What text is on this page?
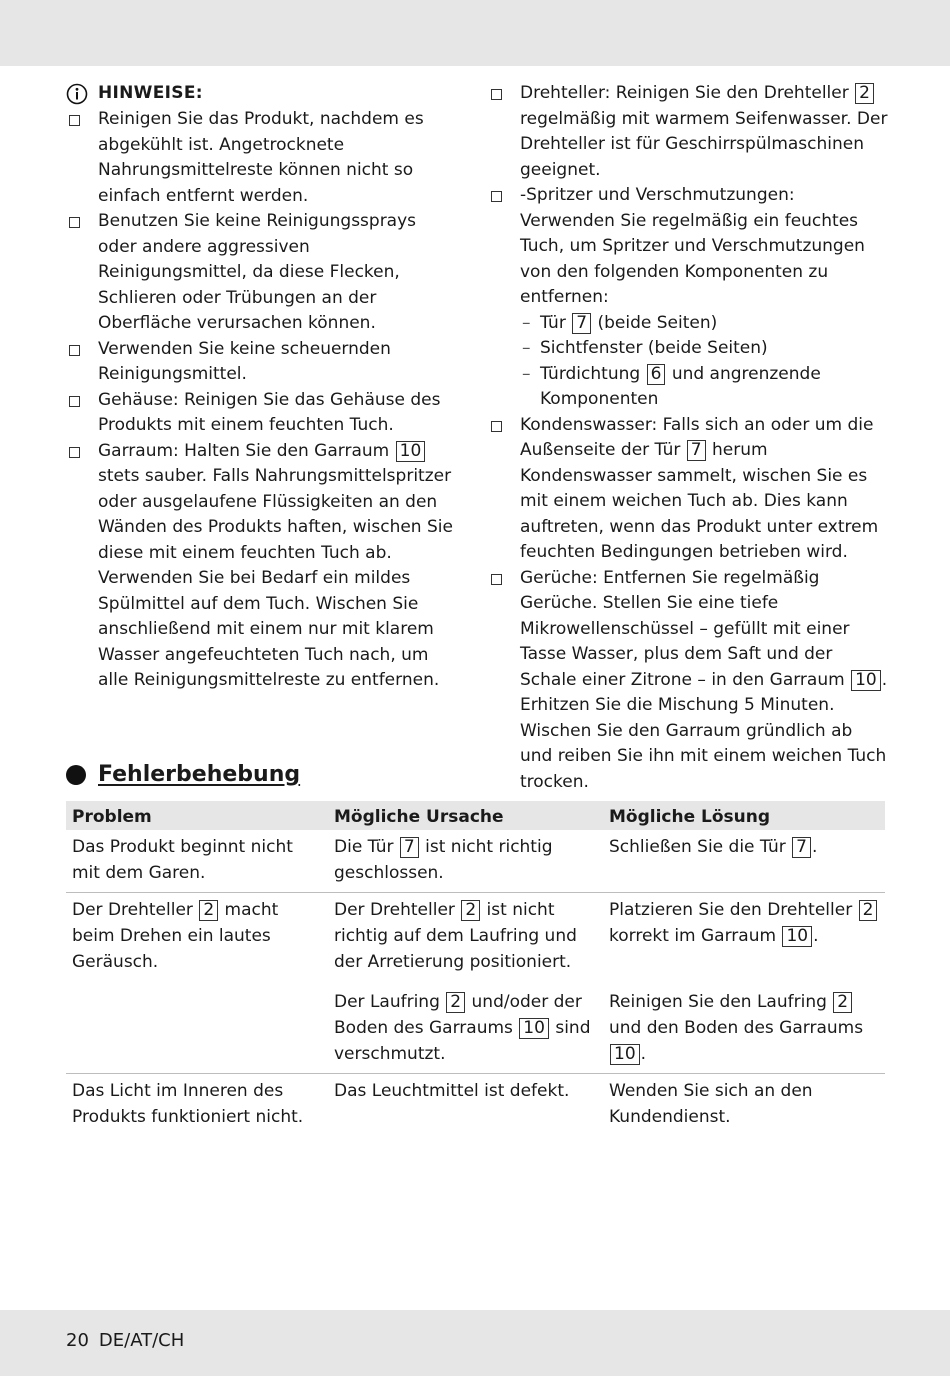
HINWEISE:
Reinigen Sie das Produkt, nachdem es abgekühlt ist. Angetrocknete Nahrungsmittelreste können nicht so einfach entfernt werden.
Benutzen Sie keine Reinigungssprays oder andere aggressiven Reinigungsmittel, da diese Flecken, Schlieren oder Trübungen an der Oberfläche verursachen können.
Verwenden Sie keine scheuernden Reinigungsmittel.
Gehäuse: Reinigen Sie das Gehäuse des Produkts mit einem feuchten Tuch.
Garraum: Halten Sie den Garraum 10 stets sauber. Falls Nahrungsmittelspritzer oder ausgelaufene Flüssigkeiten an den Wänden des Produkts haften, wischen Sie diese mit einem feuchten Tuch ab.
Verwenden Sie bei Bedarf ein mildes Spülmittel auf dem Tuch. Wischen Sie anschließend mit einem nur mit klarem Wasser angefeuchteten Tuch nach, um alle Reinigungsmittelreste zu entfernen.
Drehteller: Reinigen Sie den Drehteller 2 regelmäßig mit warmem Seifenwasser. Der Drehteller ist für Geschirrspülmaschinen geeignet.
-Spritzer und Verschmutzungen: Verwenden Sie regelmäßig ein feuchtes Tuch, um Spritzer und Verschmutzungen von den folgenden Komponenten zu entfernen:
– Tür 7 (beide Seiten)
– Sichtfenster (beide Seiten)
– Türdichtung 6 und angrenzende Komponenten
Kondenswasser: Falls sich an oder um die Außenseite der Tür 7 herum Kondenswasser sammelt, wischen Sie es mit einem weichen Tuch ab. Dies kann auftreten, wenn das Produkt unter extrem feuchten Bedingungen betrieben wird.
Gerüche: Entfernen Sie regelmäßig Gerüche. Stellen Sie eine tiefe Mikrowellenschüssel – gefüllt mit einer Tasse Wasser, plus dem Saft und der Schale einer Zitrone – in den Garraum 10 . Erhitzen Sie die Mischung 5 Minuten. Wischen Sie den Garraum gründlich ab und reiben Sie ihn mit einem weichen Tuch trocken.
Fehlerbehebung
Problem	Mögliche Ursache	Mögliche Lösung
Das Produkt beginnt nicht mit dem Garen.	Die Tür 7 ist nicht richtig geschlossen.	Schließen Sie die Tür 7 .
Der Drehteller 2 macht beim Drehen ein lautes Geräusch.	Der Drehteller 2 ist nicht richtig auf dem Laufring und der Arretierung positioniert.	Platzieren Sie den Drehteller 2 korrekt im Garraum 10 .
	Der Laufring 2 und/oder der Boden des Garraums 10 sind verschmutzt.	Reinigen Sie den Laufring 2 und den Boden des Garraums 10 .
Das Licht im Inneren des Produkts funktioniert nicht.	Das Leuchtmittel ist defekt.	Wenden Sie sich an den Kundendienst.
20 DE/AT/CH
